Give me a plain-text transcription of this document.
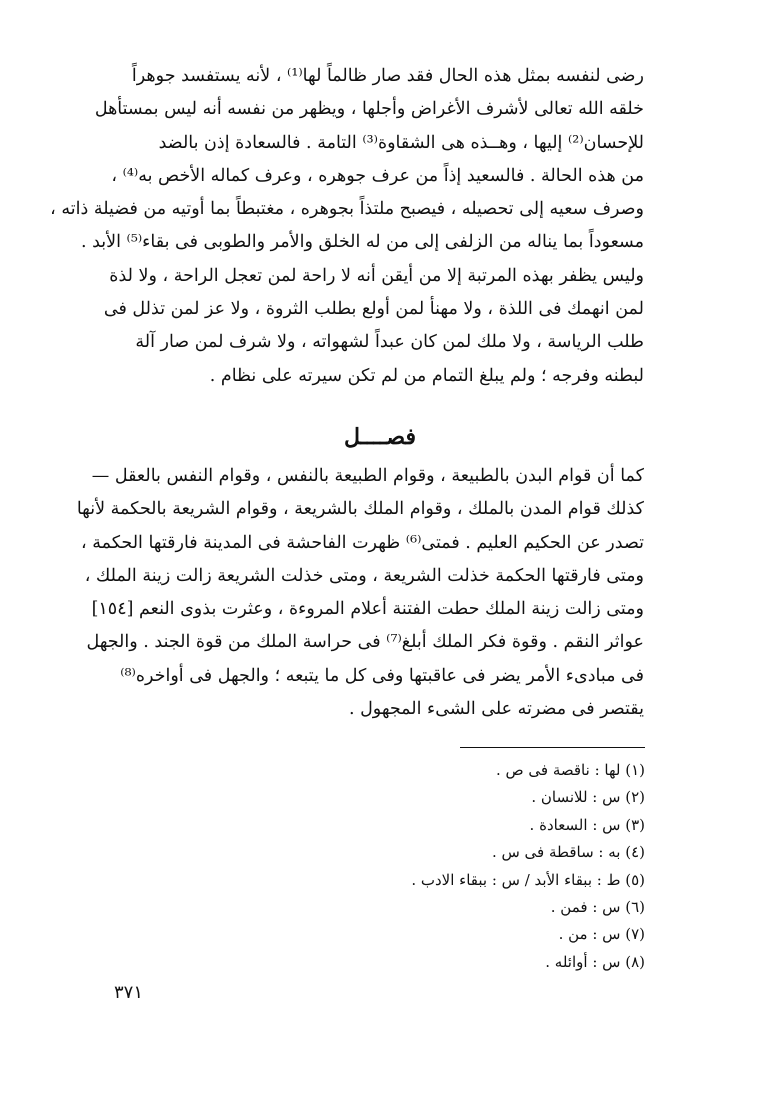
رضى لنفسه بمثل هذه الحال فقد صار ظالماً لها⁽¹⁾ ، لأنه يستفسد جوهراً
خلقه الله تعالى لأشرف الأغراض وأجلها ، ويظهر من نفسه أنه ليس بمستأهل
للإحسان⁽²⁾ إليها ، وهــذه هى الشقاوة⁽³⁾ التامة . فالسعادة إذن بالضد
من هذه الحالة . فالسعيد إذاً من عرف جوهره ، وعرف كماله الأخص به⁽⁴⁾ ،
وصرف سعيه إلى تحصيله ، فيصبح ملتذاً بجوهره ، مغتبطاً بما أوتيه من فضيلة ذاته ،
مسعوداً بما يناله من الزلفى إلى من له الخلق والأمر والطوبى فى بقاء⁽⁵⁾ الأبد .
وليس يظفر بهذه المرتبة إلا من أيقن أنه لا راحة لمن تعجل الراحة ، ولا لذة
لمن انهمك فى اللذة ، ولا مهنأ لمن أولع بطلب الثروة ، ولا عز لمن تذلل فى
طلب الرياسة ، ولا ملك لمن كان عبداً لشهواته ، ولا شرف لمن صار آلة
لبطنه وفرجه ؛ ولم يبلغ التمام من لم تكن سيرته على نظام .
فصــــل
كما أن قوام البدن بالطبيعة ، وقوام الطبيعة بالنفس ، وقوام النفس بالعقل —
كذلك قوام المدن بالملك ، وقوام الملك بالشريعة ، وقوام الشريعة بالحكمة لأنها
تصدر عن الحكيم العليم . فمتى⁽⁶⁾ ظهرت الفاحشة فى المدينة فارقتها الحكمة ،
ومتى فارقتها الحكمة خذلت الشريعة ، ومتى خذلت الشريعة زالت زينة الملك ،
ومتى زالت زينة الملك حطت الفتنة أعلام المروءة ، وعثرت بذوى النعم [١٥٤]
عواثر النقم . وقوة فكر الملك أبلغ⁽⁷⁾ فى حراسة الملك من قوة الجند . والجهل
فى مبادىء الأمر يضر فى عاقبتها وفى كل ما يتبعه ؛ والجهل فى أواخره⁽⁸⁾
يقتصر فى مضرته على الشىء المجهول .
(١) لها : ناقصة فى ص .
(٢) س : للانسان .
(٣) س : السعادة .
(٤) به : ساقطة فى س .
(٥) ط : ببقاء الأبد / س : ببقاء الادب .
(٦) س : فمن .
(٧) س : من .
(٨) س : أوائله .
٣٧١
